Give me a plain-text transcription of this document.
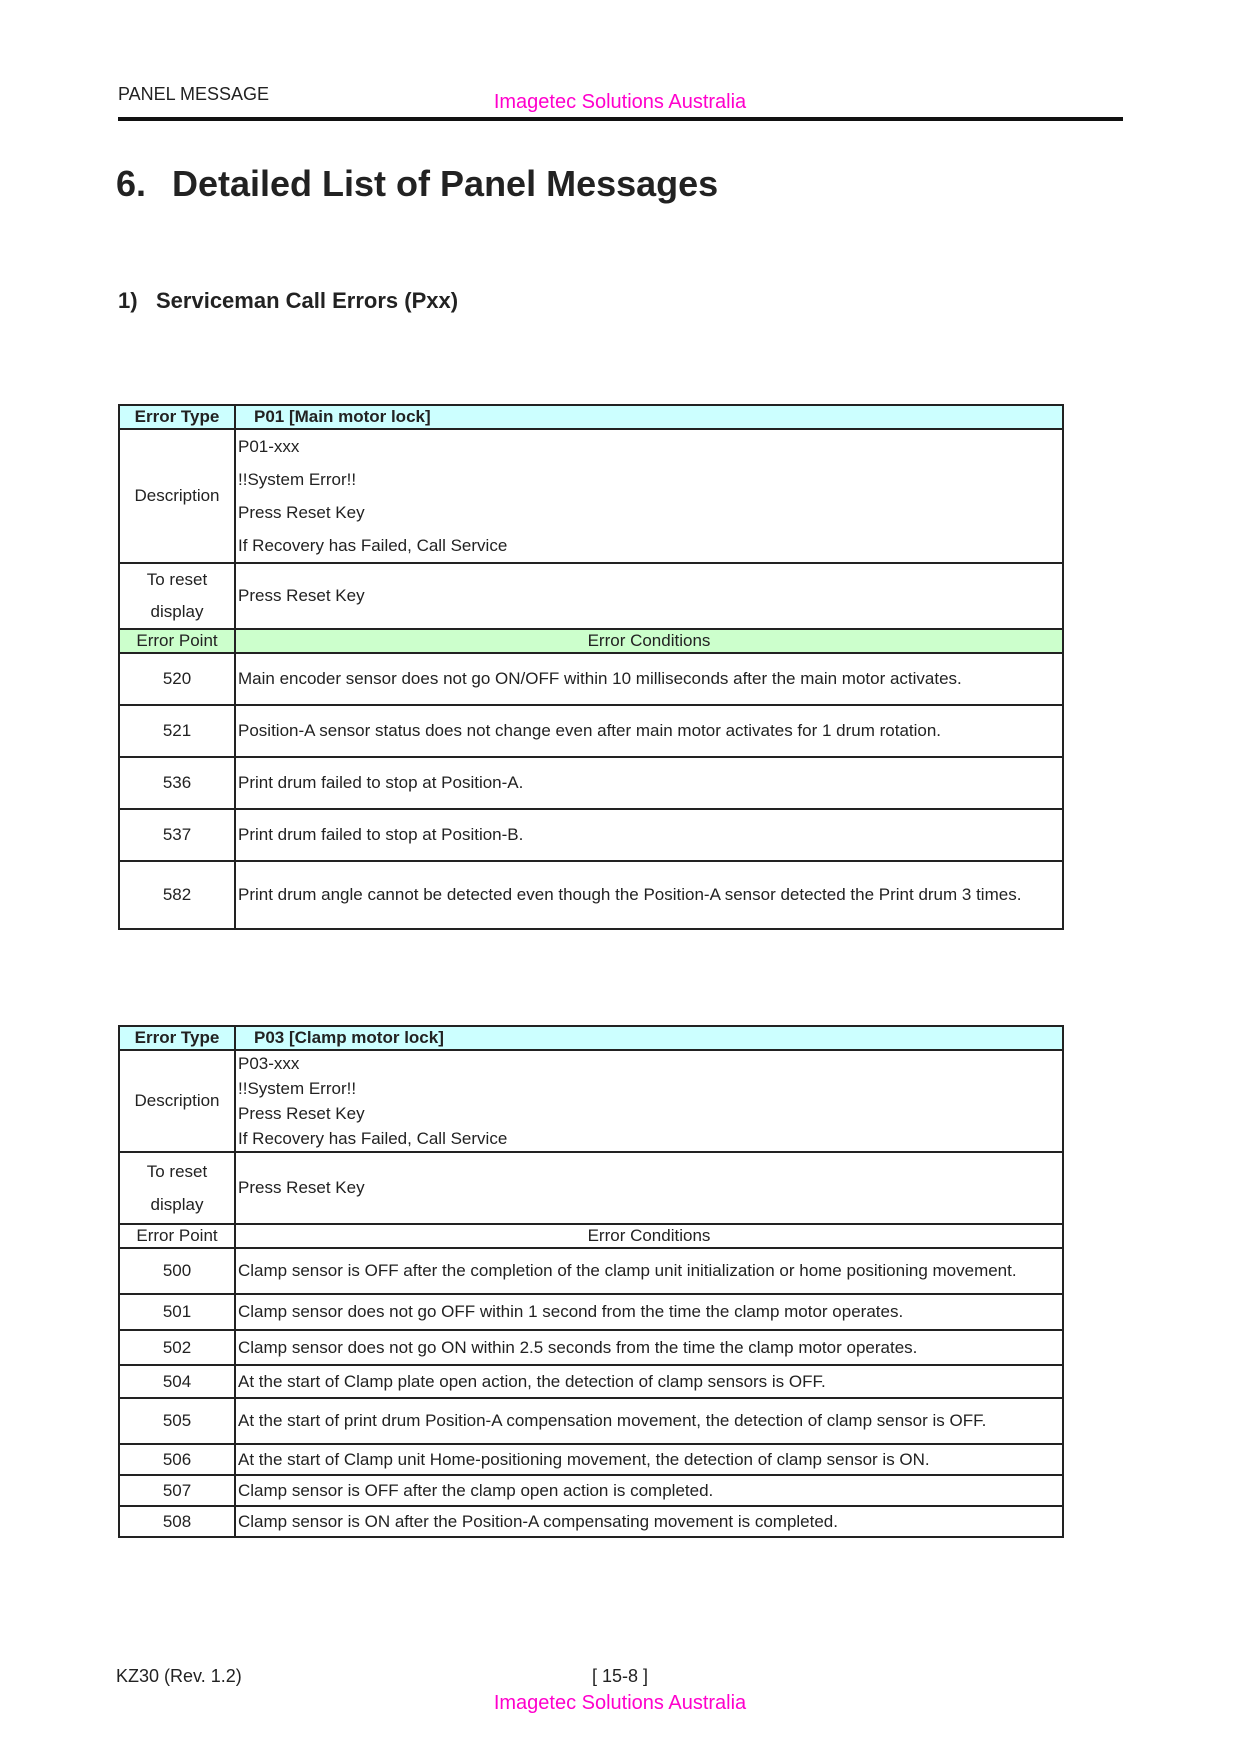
PANEL MESSAGE	Imagetec Solutions Australia
6. Detailed List of Panel Messages
1) Serviceman Call Errors (Pxx)
Error Type	P01 [Main motor lock]
Description	P01-xxx
!!System Error!!
Press Reset Key
If Recovery has Failed, Call Service

To reset
display	Press Reset Key
Error Point	Error Conditions
520	Main encoder sensor does not go ON/OFF within 10 milliseconds after the main motor activates.
521	Position-A sensor status does not change even after main motor activates for 1 drum rotation.
536	Print drum failed to stop at Position-A.
537	Print drum failed to stop at Position-B.
582	Print drum angle cannot be detected even though the Position-A sensor detected the Print drum 3 times.
Error Type	P03 [Clamp motor lock]
Description	P03-xxx
!!System Error!!
Press Reset Key
If Recovery has Failed, Call Service

To reset
display	Press Reset Key
Error Point	Error Conditions
500	Clamp sensor is OFF after the completion of the clamp unit initialization or home positioning movement.
501	Clamp sensor does not go OFF within 1 second from the time the clamp motor operates.
502	Clamp sensor does not go ON within 2.5 seconds from the time the clamp motor operates.
504	At the start of Clamp plate open action, the detection of clamp sensors is OFF.
505	At the start of print drum Position-A compensation movement, the detection of clamp sensor is OFF.
506	At the start of Clamp unit Home-positioning movement, the detection of clamp sensor is ON.
507	Clamp sensor is OFF after the clamp open action is completed.
508	Clamp sensor is ON after the Position-A compensating movement is completed.
KZ30 (Rev. 1.2)	[ 15-8 ]
Imagetec Solutions Australia
